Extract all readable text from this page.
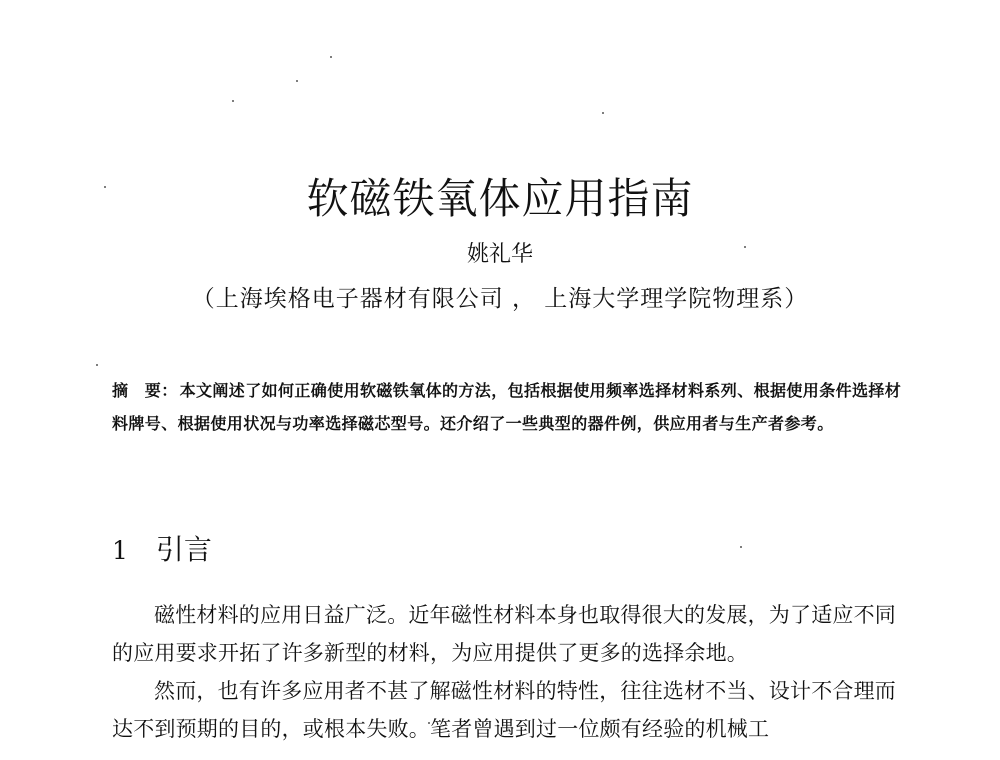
软磁铁氧体应用指南
姚礼华
（上海埃格电子器材有限公司 ， 上海大学理学院物理系）
摘　要： 本文阐述了如何正确使用软磁铁氧体的方法，包括根据使用频率选择材料系列、根据使用条件选择材料牌号、根据使用状况与功率选择磁芯型号。还介绍了一些典型的器件例，供应用者与生产者参考。
1 引言

磁性材料的应用日益广泛。近年磁性材料本身也取得很大的发展，为了适应不同的应用要求开拓了许多新型的材料，为应用提供了更多的选择余地。

然而，也有许多应用者不甚了解磁性材料的特性，往往选材不当、设计不合理而达不到预期的目的，或根本失败。笔者曾遇到过一位颇有经验的机械工
